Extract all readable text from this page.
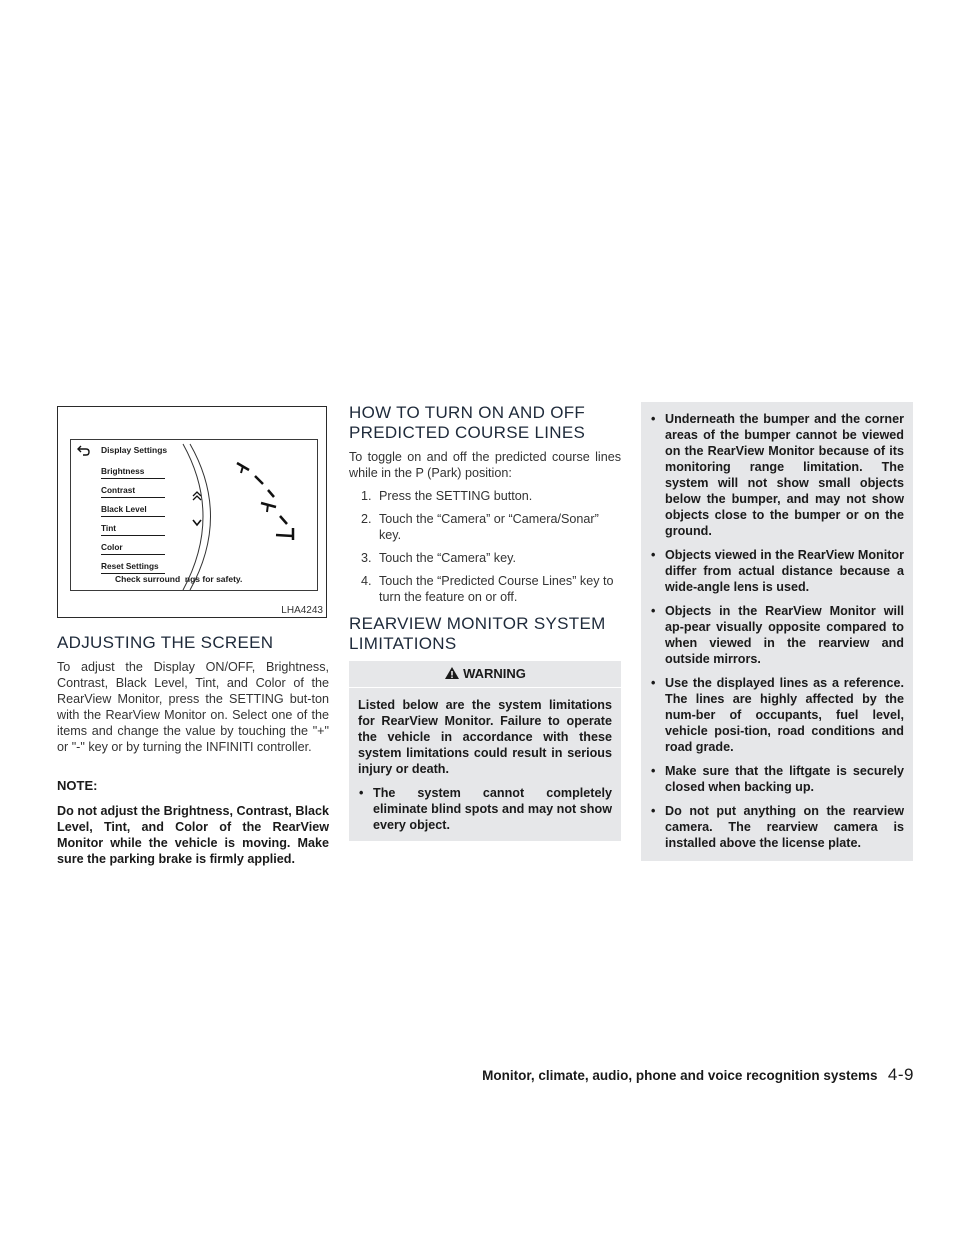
Display Settings
Brightness
Contrast
Black Level
Tint
Color
Reset Settings
Check surround  ngs for safety.
LHA4243
ADJUSTING THE SCREEN

To adjust the Display ON/OFF, Brightness, Contrast, Black Level, Tint, and Color of the RearView Monitor, press the SETTING but-ton with the RearView Monitor on. Select one of the items and change the value by touching the "+" or "-" key or by turning the INFINITI controller.

NOTE:

Do not adjust the Brightness, Contrast, Black Level, Tint, and Color of the RearView Monitor while the vehicle is moving. Make sure the parking brake is firmly applied.

HOW TO TURN ON AND OFF
PREDICTED COURSE LINES

To toggle on and off the predicted course lines while in the P (Park) position:

1. Press the SETTING button.
2. Touch the “Camera” or “Camera/Sonar” key.
3. Touch the “Camera” key.
4. Touch the “Predicted Course Lines” key to turn the feature on or off.
REARVIEW MONITOR SYSTEM
LIMITATIONS
WARNING

Listed below are the system limitations for RearView Monitor. Failure to operate the vehicle in accordance with these system limitations could result in serious injury or death.

• The system cannot completely eliminate blind spots and may not show every object.
• Underneath the bumper and the corner areas of the bumper cannot be viewed on the RearView Monitor because of its monitoring range limitation. The system will not show small objects below the bumper, and may not show objects close to the bumper or on the ground.
• Objects viewed in the RearView Monitor differ from actual distance because a wide-angle lens is used.
• Objects in the RearView Monitor will ap-pear visually opposite compared to when viewed in the rearview and outside mirrors.
• Use the displayed lines as a reference. The lines are highly affected by the num-ber of occupants, fuel level, vehicle posi-tion, road conditions and road grade.
• Make sure that the liftgate is securely closed when backing up.
• Do not put anything on the rearview camera. The rearview camera is installed above the license plate.
Monitor, climate, audio, phone and voice recognition systems 4-9
